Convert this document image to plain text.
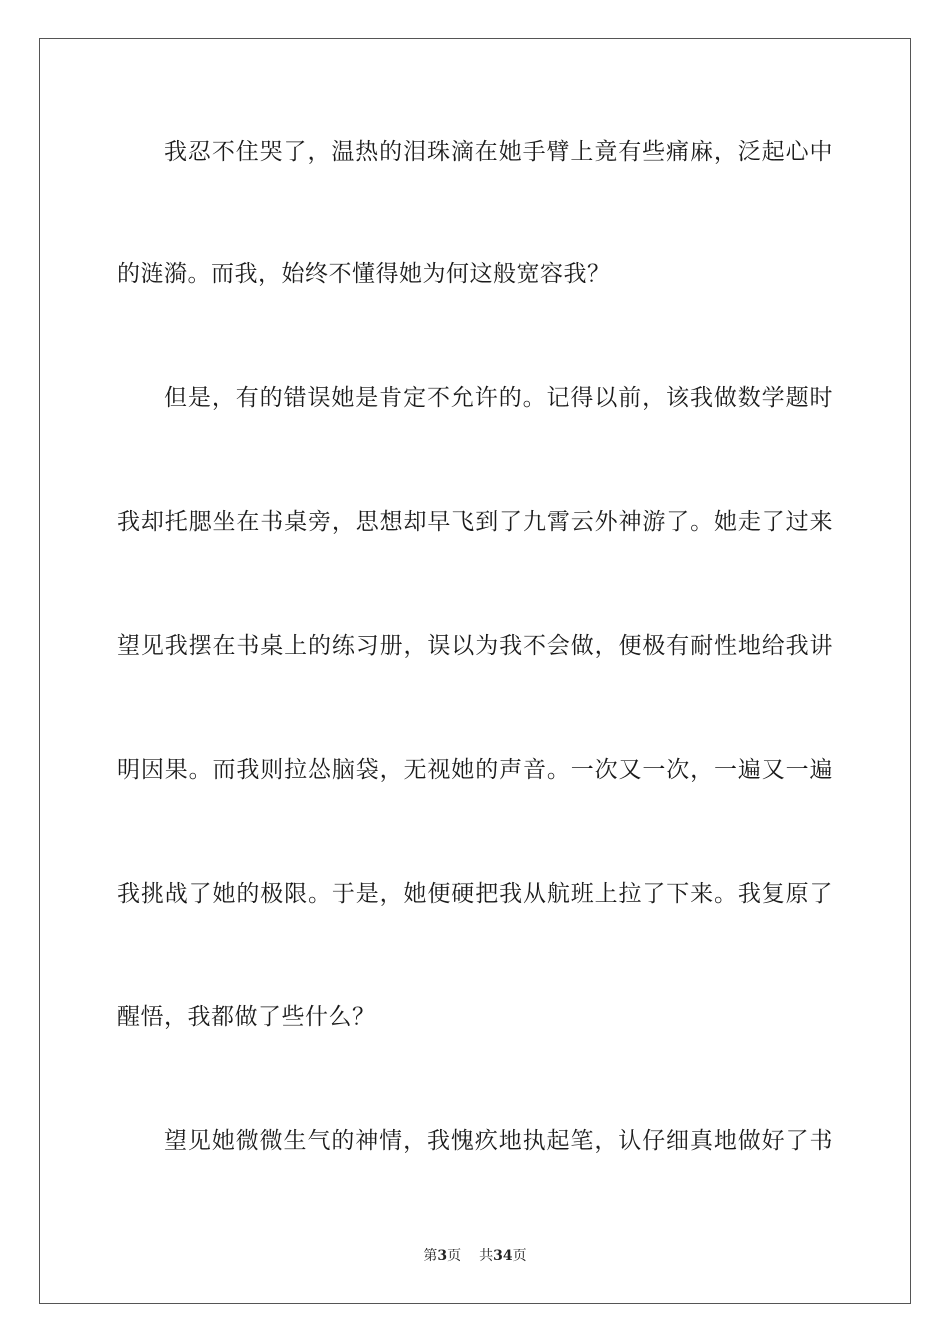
我忍不住哭了，温热的泪珠滴在她手臂上竟有些痛麻，泛起心中
的涟漪。而我，始终不懂得她为何这般宽容我？
但是，有的错误她是肯定不允许的。记得以前，该我做数学题时
我却托腮坐在书桌旁，思想却早飞到了九霄云外神游了。她走了过来
望见我摆在书桌上的练习册，误以为我不会做，便极有耐性地给我讲
明因果。而我则拉怂脑袋，无视她的声音。一次又一次，一遍又一遍
我挑战了她的极限。于是，她便硬把我从航班上拉了下来。我复原了
醒悟，我都做了些什么？
望见她微微生气的神情，我愧疚地执起笔，认仔细真地做好了书
第3页 共34页
